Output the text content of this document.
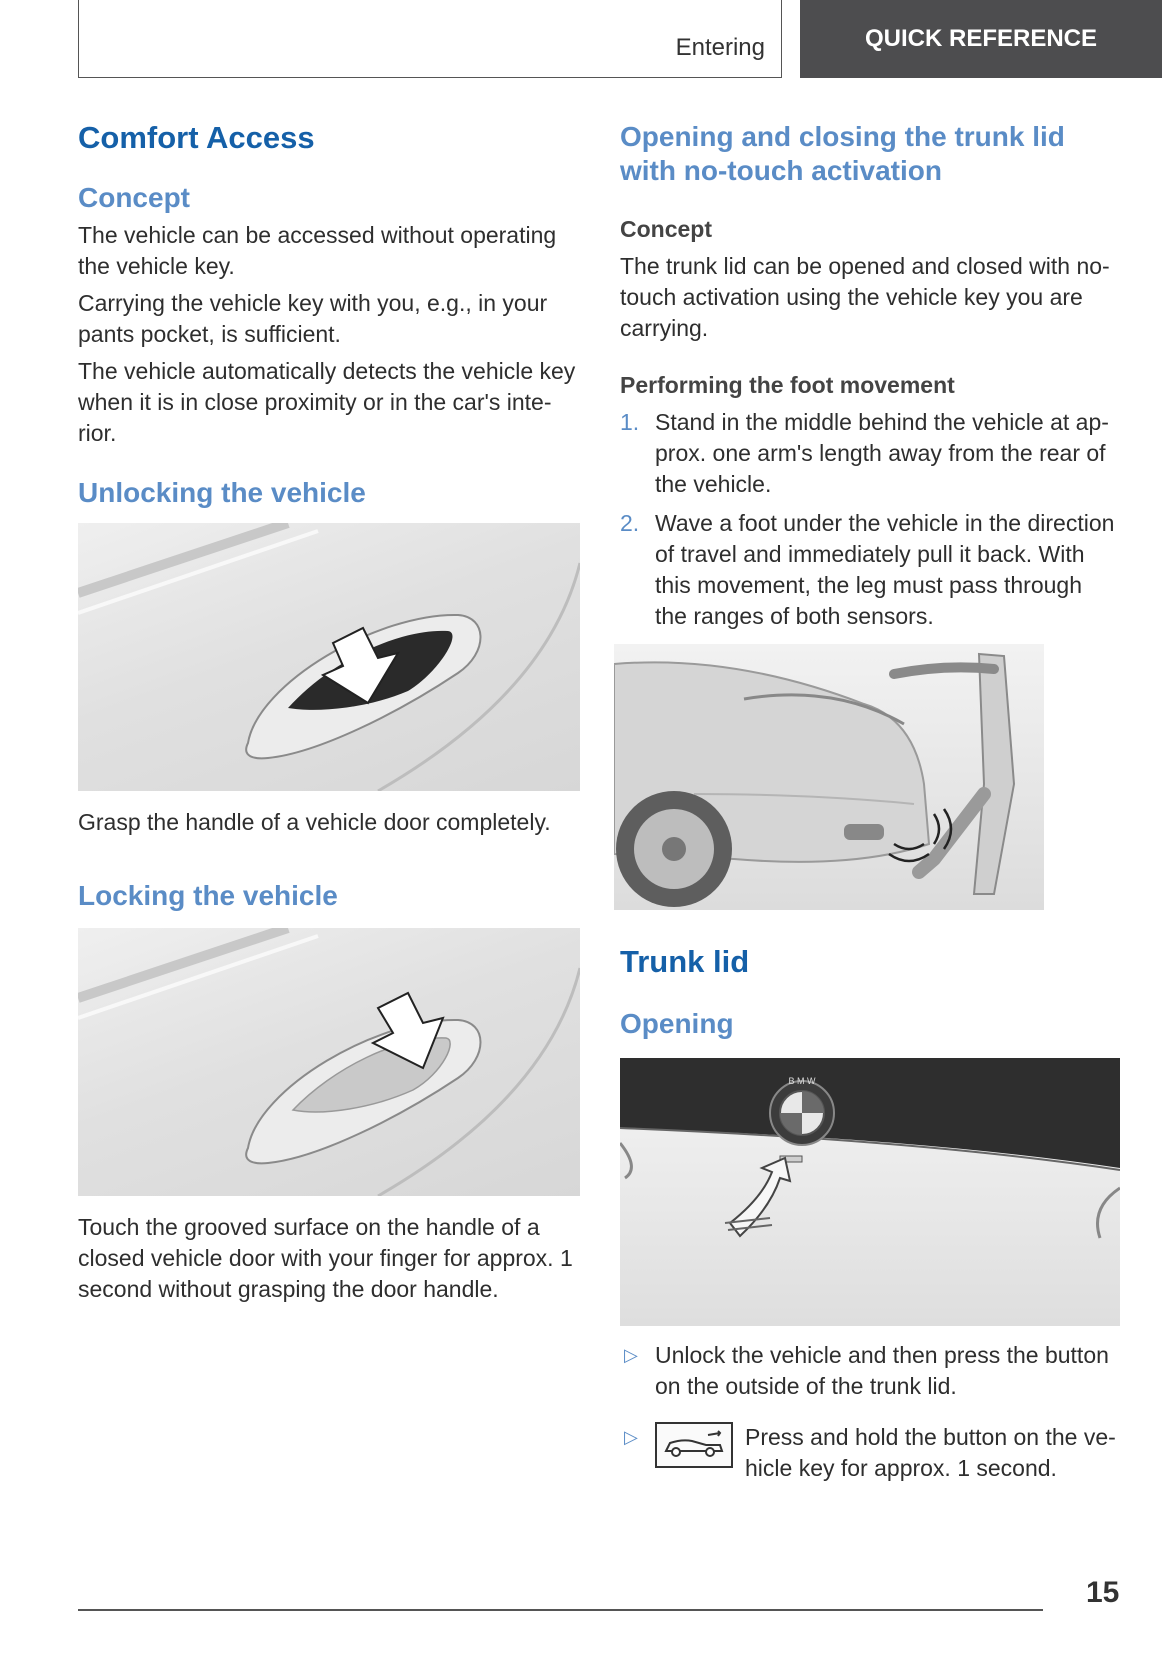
Entering	QUICK REFERENCE
Comfort Access
Concept

The vehicle can be accessed without operating the vehicle key.

Carrying the vehicle key with you, e.g., in your pants pocket, is sufficient.

The vehicle automatically detects the vehicle key when it is in close proximity or in the car's interior.

Unlocking the vehicle

Grasp the handle of a vehicle door completely.

Locking the vehicle

Touch the grooved surface on the handle of a closed vehicle door with your finger for approx. 1 second without grasping the door handle.

Opening and closing the trunk lid with no-touch activation
Concept

The trunk lid can be opened and closed with no-touch activation using the vehicle key you are carrying.

Performing the foot movement
1. Stand in the middle behind the vehicle at approx. one arm's length away from the rear of the vehicle.
2. Wave a foot under the vehicle in the direction of travel and immediately pull it back. With this movement, the leg must pass through the ranges of both sensors.
Trunk lid
Opening
B M W
▷ Unlock the vehicle and then press the button on the outside of the trunk lid.
▷	Press and hold the button on the vehicle key for approx. 1 second.
15
